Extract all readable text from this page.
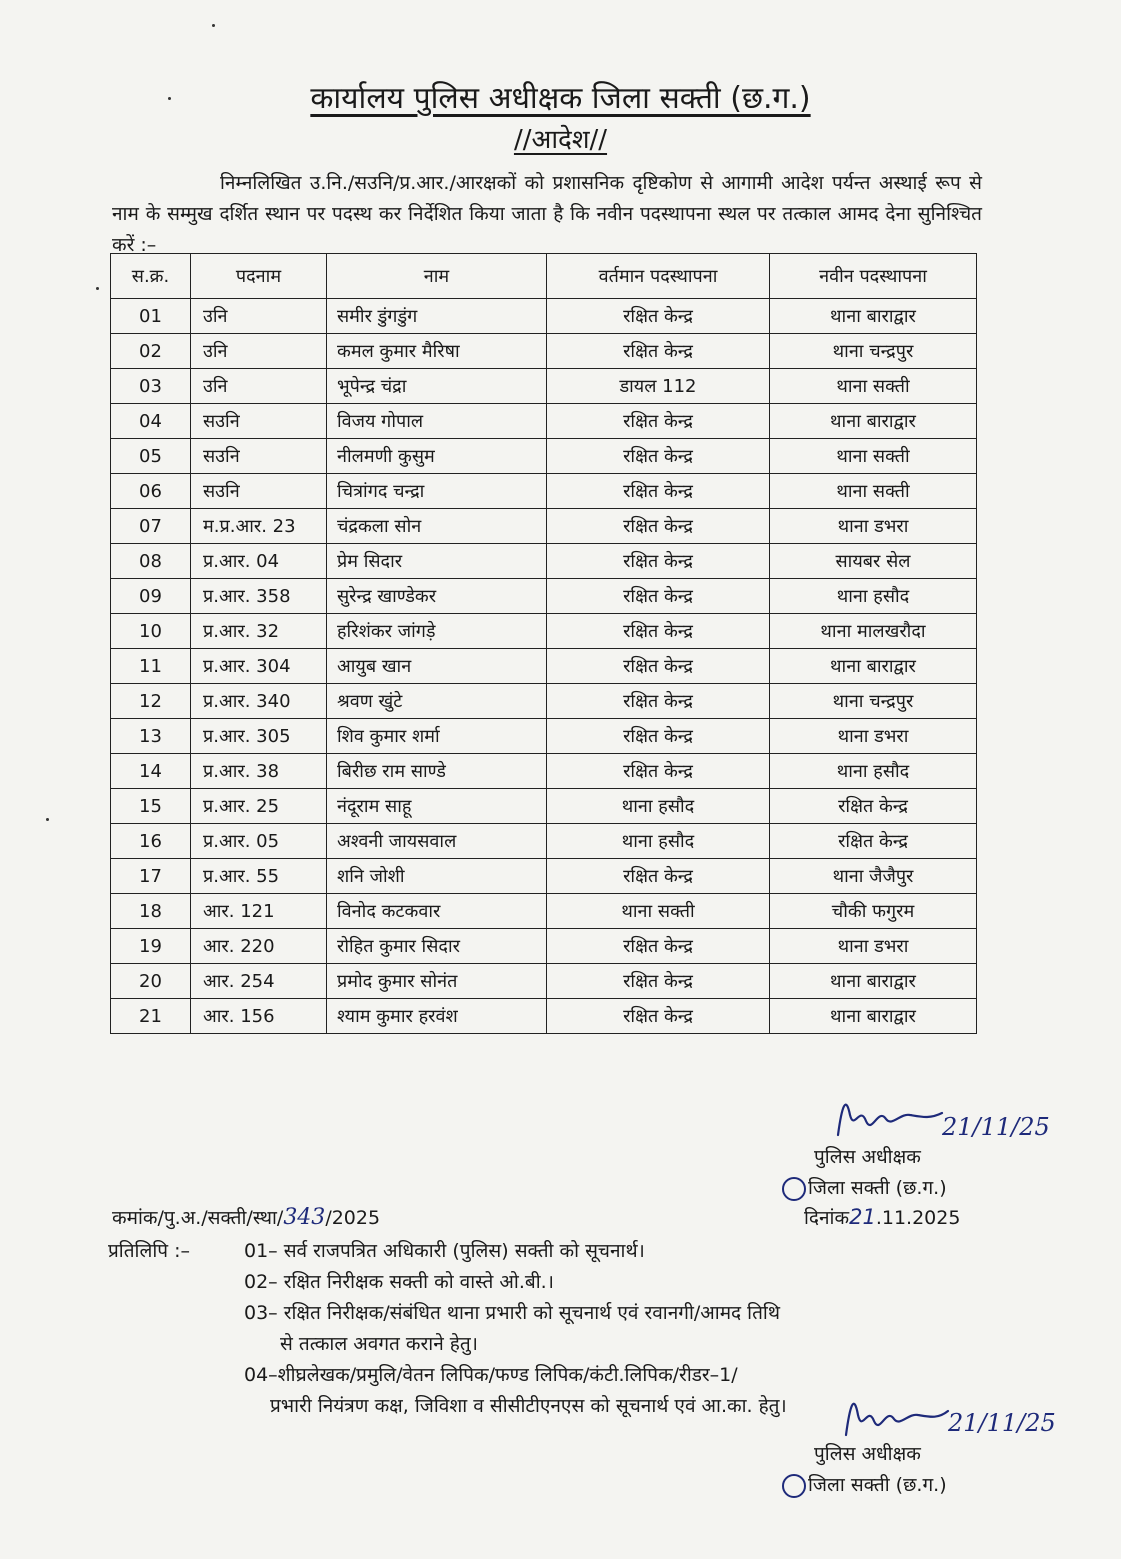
कार्यालय पुलिस अधीक्षक जिला सक्ती (छ.ग.)
//आदेश//
निम्नलिखित उ.नि./सउनि/प्र.आर./आरक्षकों को प्रशासनिक दृष्टिकोण से आगामी आदेश पर्यन्त अस्थाई रूप से नाम के सम्मुख दर्शित स्थान पर पदस्थ कर निर्देशित किया जाता है कि नवीन पदस्थापना स्थल पर तत्काल आमद देना सुनिश्चित करें :–
स.क्र.	पदनाम	नाम	वर्तमान पदस्थापना	नवीन पदस्थापना
01	उनि	समीर डुंगडुंग	रक्षित केन्द्र	थाना बाराद्वार
02	उनि	कमल कुमार मैरिषा	रक्षित केन्द्र	थाना चन्द्रपुर
03	उनि	भूपेन्द्र चंद्रा	डायल 112	थाना सक्ती
04	सउनि	विजय गोपाल	रक्षित केन्द्र	थाना बाराद्वार
05	सउनि	नीलमणी कुसुम	रक्षित केन्द्र	थाना सक्ती
06	सउनि	चित्रांगद चन्द्रा	रक्षित केन्द्र	थाना सक्ती
07	म.प्र.आर. 23	चंद्रकला सोन	रक्षित केन्द्र	थाना डभरा
08	प्र.आर. 04	प्रेम सिदार	रक्षित केन्द्र	सायबर सेल
09	प्र.आर. 358	सुरेन्द्र खाण्डेकर	रक्षित केन्द्र	थाना हसौद
10	प्र.आर. 32	हरिशंकर जांगड़े	रक्षित केन्द्र	थाना मालखरौदा
11	प्र.आर. 304	आयुब खान	रक्षित केन्द्र	थाना बाराद्वार
12	प्र.आर. 340	श्रवण खुंटे	रक्षित केन्द्र	थाना चन्द्रपुर
13	प्र.आर. 305	शिव कुमार शर्मा	रक्षित केन्द्र	थाना डभरा
14	प्र.आर. 38	बिरीछ राम साण्डे	रक्षित केन्द्र	थाना हसौद
15	प्र.आर. 25	नंदूराम साहू	थाना हसौद	रक्षित केन्द्र
16	प्र.आर. 05	अश्वनी जायसवाल	थाना हसौद	रक्षित केन्द्र
17	प्र.आर. 55	शनि जोशी	रक्षित केन्द्र	थाना जैजैपुर
18	आर. 121	विनोद कटकवार	थाना सक्ती	चौकी फगुरम
19	आर. 220	रोहित कुमार सिदार	रक्षित केन्द्र	थाना डभरा
20	आर. 254	प्रमोद कुमार सोनंत	रक्षित केन्द्र	थाना बाराद्वार
21	आर. 156	श्याम कुमार हरवंश	रक्षित केन्द्र	थाना बाराद्वार
21/11/25
पुलिस अधीक्षक
जिला सक्ती (छ.ग.)
कमांक/पु.अ./सक्ती/स्था/343/2025	दिनांक21.11.2025
प्रतिलिपि :–	01– सर्व राजपत्रित अधिकारी (पुलिस) सक्ती को सूचनार्थ।
02– रक्षित निरीक्षक सक्ती को वास्ते ओ.बी.।
03– रक्षित निरीक्षक/संबंधित थाना प्रभारी को सूचनार्थ एवं रवानगी/आमद तिथि
से तत्काल अवगत कराने हेतु।
04–शीघ्रलेखक/प्रमुलि/वेतन लिपिक/फण्ड लिपिक/कंटी.लिपिक/रीडर–1/
प्रभारी नियंत्रण कक्ष, जिविशा व सीसीटीएनएस को सूचनार्थ एवं आ.का. हेतु।
21/11/25
पुलिस अधीक्षक
जिला सक्ती (छ.ग.)
